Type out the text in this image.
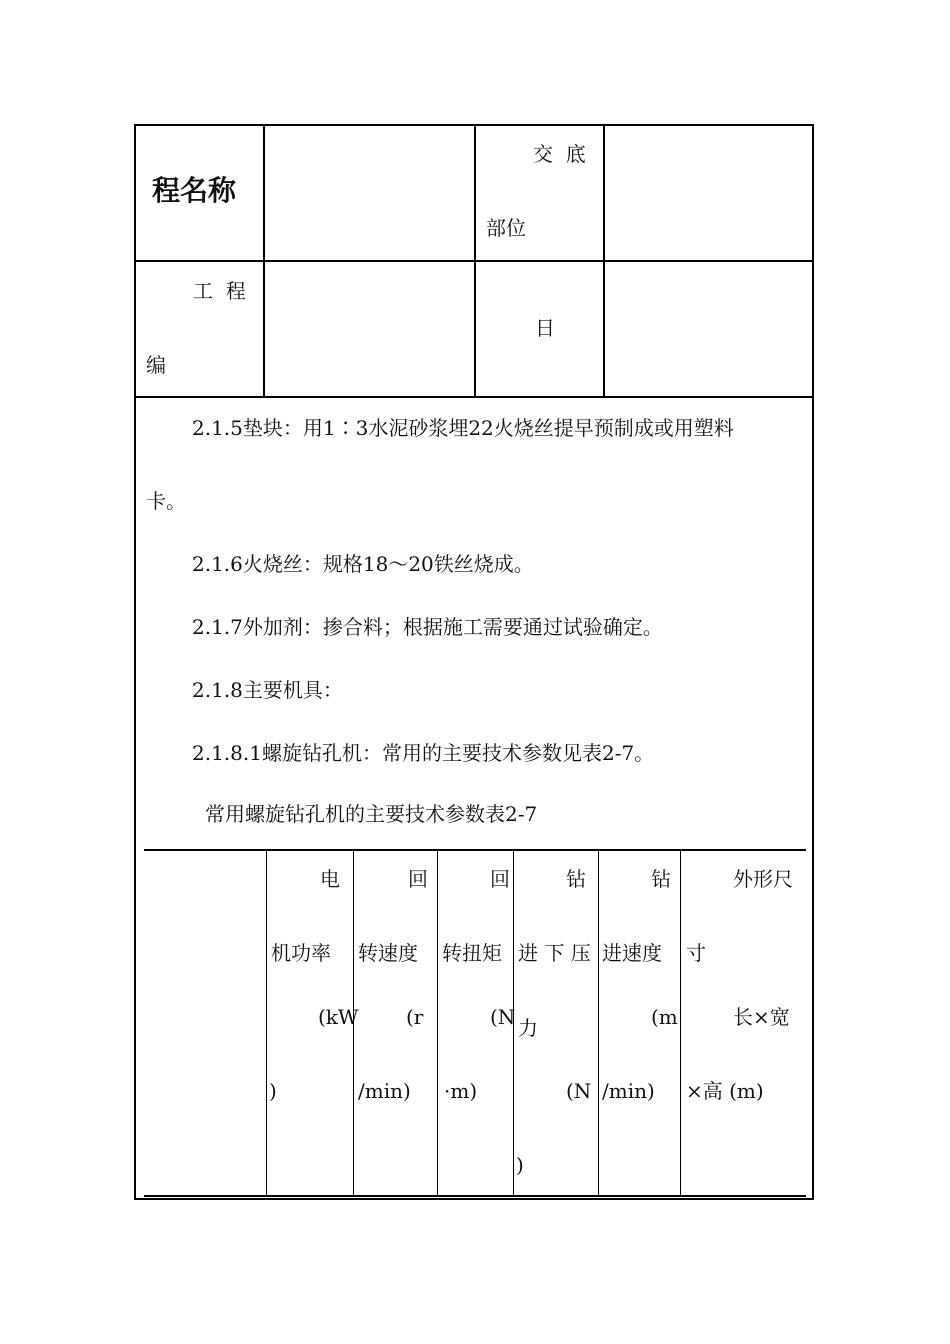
程名称
交  底
部位
工  程
编
日
2.1.5垫块：用1∶3水泥砂浆埋22火烧丝提早预制成或用塑料
卡。
2.1.6火烧丝：规格18～20铁丝烧成。
2.1.7外加剂：掺合料；根据施工需要通过试验确定。
2.1.8主要机具：
2.1.8.1螺旋钻孔机：常用的主要技术参数见表2-7。
常用螺旋钻孔机的主要技术参数表2-7
电
机功率
(kW
)
回
转速度
(r
/min)
回
转扭矩
(N
·m)
钻
进 下 压
力
(N
)
钻
进速度
(m
/min)
外形尺
寸
长×宽
×高 (m)
